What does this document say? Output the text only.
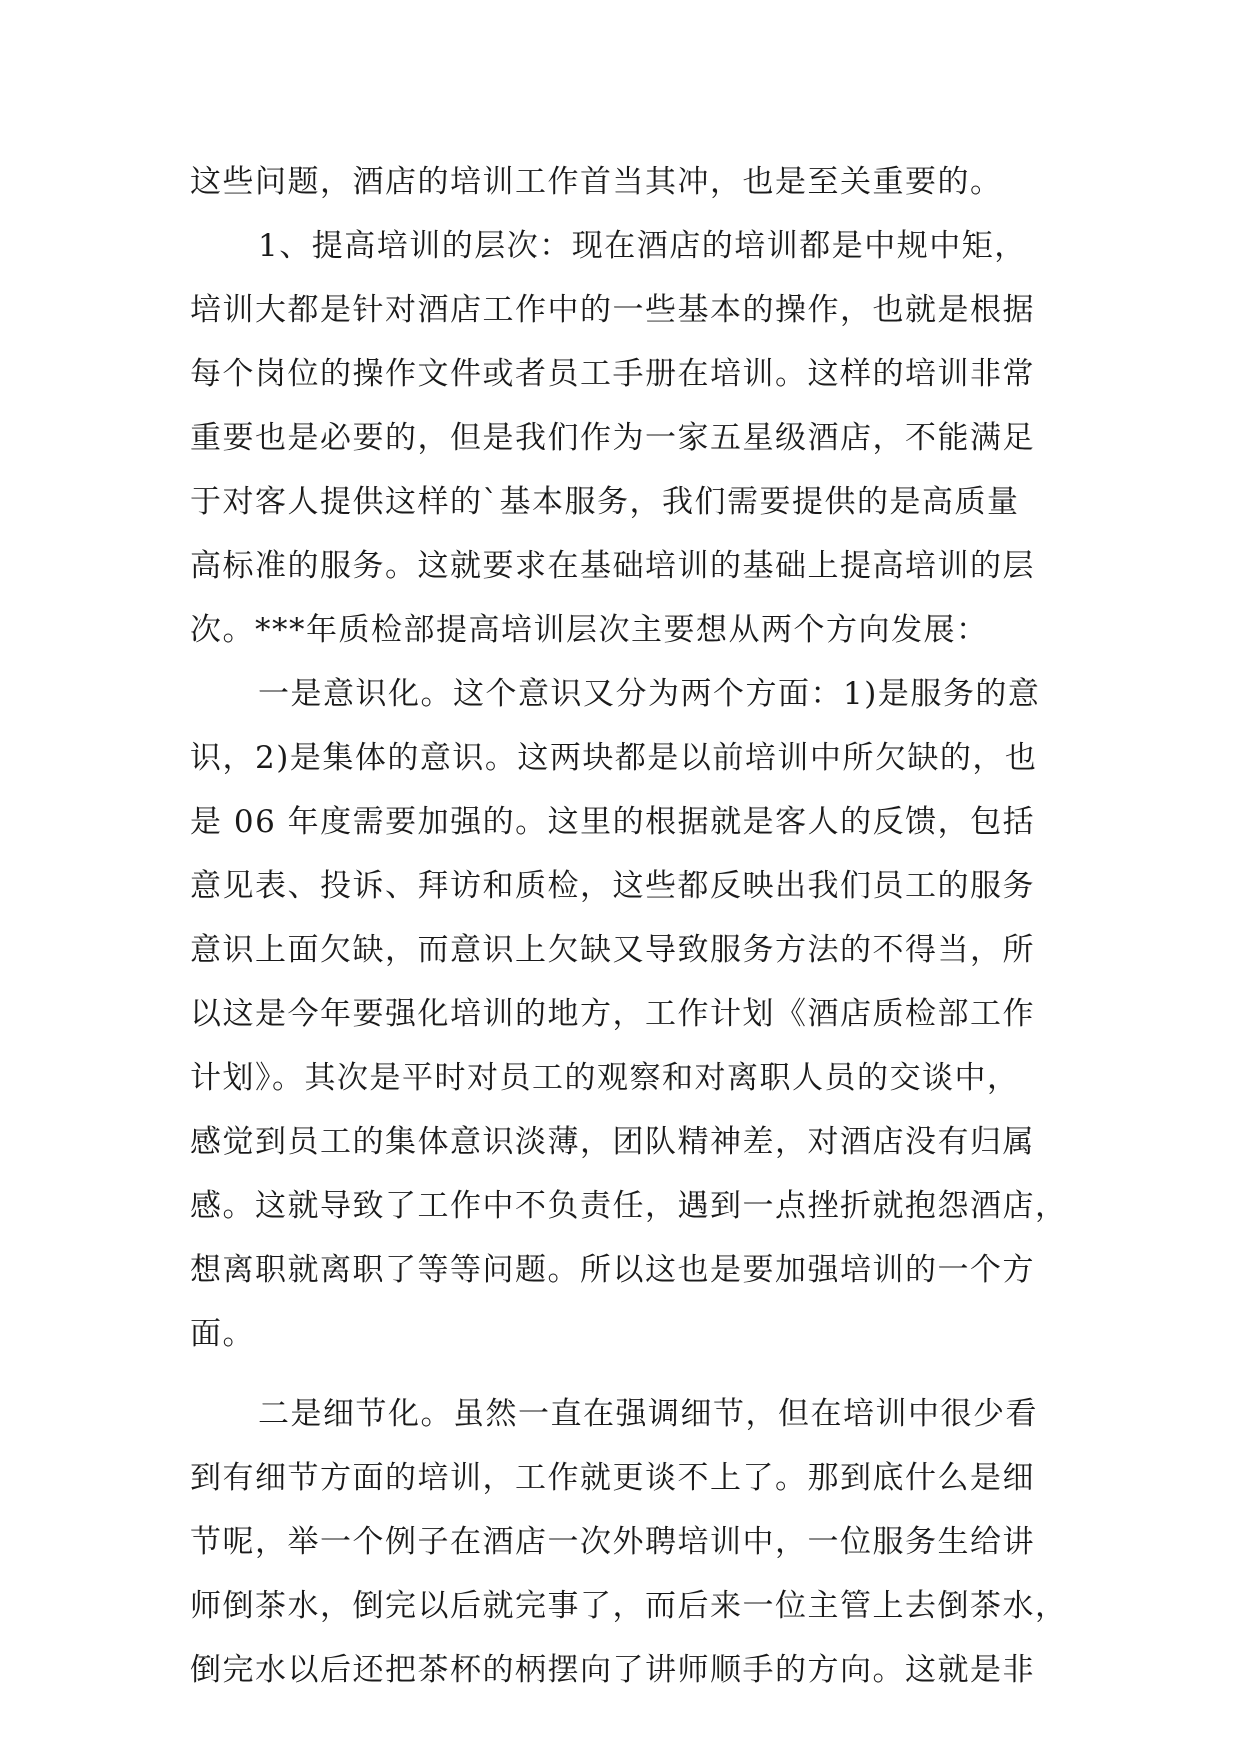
这些问题，酒店的培训工作首当其冲，也是至关重要的。
1、提高培训的层次：现在酒店的培训都是中规中矩，
培训大都是针对酒店工作中的一些基本的操作，也就是根据
每个岗位的操作文件或者员工手册在培训。这样的培训非常
重要也是必要的，但是我们作为一家五星级酒店，不能满足
于对客人提供这样的`基本服务，我们需要提供的是高质量
高标准的服务。这就要求在基础培训的基础上提高培训的层
次。***年质检部提高培训层次主要想从两个方向发展：
一是意识化。这个意识又分为两个方面：1)是服务的意
识，2)是集体的意识。这两块都是以前培训中所欠缺的，也
是 06 年度需要加强的。这里的根据就是客人的反馈，包括
意见表、投诉、拜访和质检，这些都反映出我们员工的服务
意识上面欠缺，而意识上欠缺又导致服务方法的不得当，所
以这是今年要强化培训的地方，工作计划《酒店质检部工作
计划》。其次是平时对员工的观察和对离职人员的交谈中，
感觉到员工的集体意识淡薄，团队精神差，对酒店没有归属
感。这就导致了工作中不负责任，遇到一点挫折就抱怨酒店，
想离职就离职了等等问题。所以这也是要加强培训的一个方
面。
二是细节化。虽然一直在强调细节，但在培训中很少看
到有细节方面的培训，工作就更谈不上了。那到底什么是细
节呢，举一个例子在酒店一次外聘培训中，一位服务生给讲
师倒茶水，倒完以后就完事了，而后来一位主管上去倒茶水，
倒完水以后还把茶杯的柄摆向了讲师顺手的方向。这就是非
